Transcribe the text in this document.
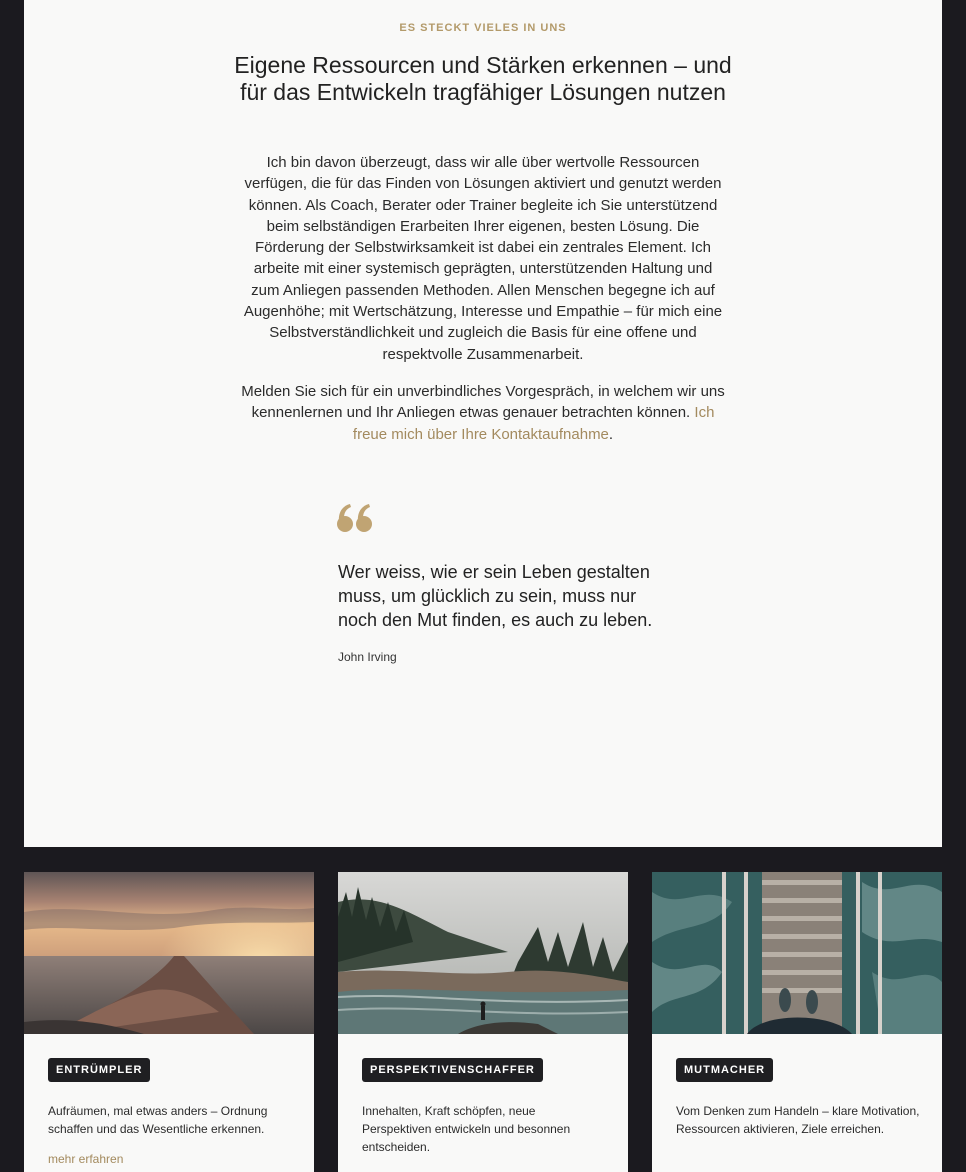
ES STECKT VIELES IN UNS
Eigene Ressourcen und Stärken erkennen – und für das Entwickeln tragfähiger Lösungen nutzen

Ich bin davon überzeugt, dass wir alle über wertvolle Ressourcen verfügen, die für das Finden von Lösungen aktiviert und genutzt werden können. Als Coach, Berater oder Trainer begleite ich Sie unterstützend beim selbständigen Erarbeiten Ihrer eigenen, besten Lösung. Die Förderung der Selbstwirksamkeit ist dabei ein zentrales Element. Ich arbeite mit einer systemisch geprägten, unterstützenden Haltung und zum Anliegen passenden Methoden. Allen Menschen begegne ich auf Augenhöhe; mit Wertschätzung, Interesse und Empathie – für mich eine Selbstverständlichkeit und zugleich die Basis für eine offene und respektvolle Zusammenarbeit.

Melden Sie sich für ein unverbindliches Vorgespräch, in welchem wir uns kennenlernen und Ihr Anliegen etwas genauer betrachten können. Ich freue mich über Ihre Kontaktaufnahme.

Wer weiss, wie er sein Leben gestalten muss, um glücklich zu sein, muss nur noch den Mut finden, es auch zu leben.

John Irving
ENTRÜMPLER

Aufräumen, mal etwas anders – Ordnung schaffen und das Wesentliche erkennen.

mehr erfahren
PERSPEKTIVENSCHAFFER

Innehalten, Kraft schöpfen, neue Perspektiven entwickeln und besonnen entscheiden.

MUTMACHER

Vom Denken zum Handeln – klare Motivation, Ressourcen aktivieren, Ziele erreichen.
